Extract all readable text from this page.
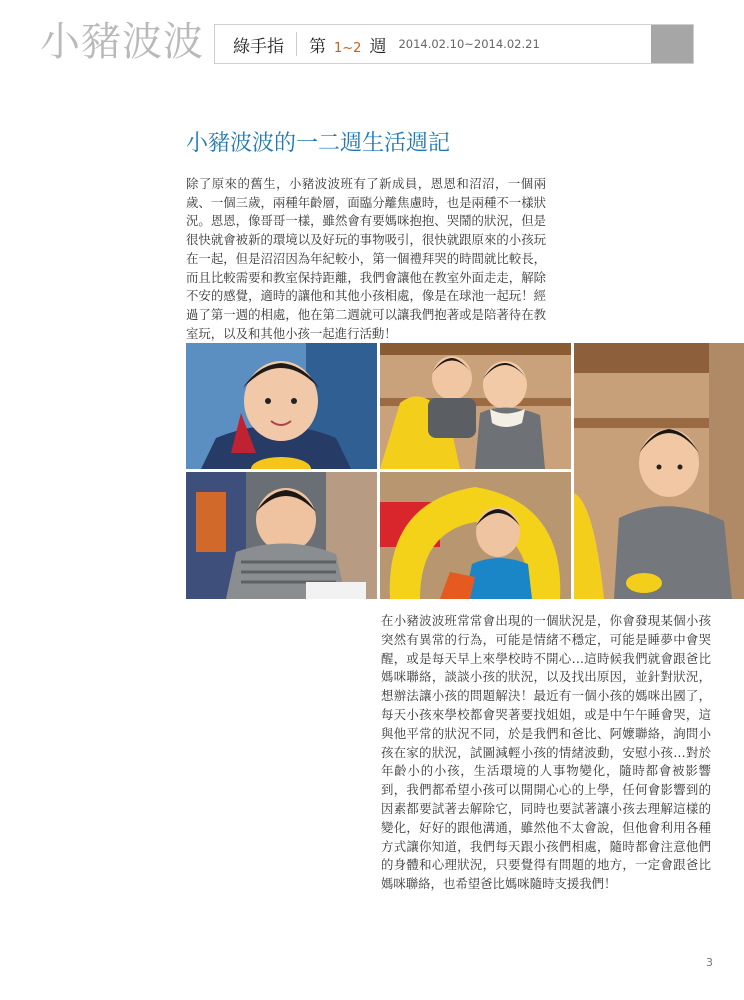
小豬波波 綠手指 第 1~2 週 2014.02.10~2014.02.21
小豬波波的一二週生活週記

除了原來的舊生，小豬波波班有了新成員，恩恩和沼沼，一個兩歲、一個三歲，兩種年齡層，面臨分離焦慮時，也是兩種不一樣狀況。恩恩，像哥哥一樣，雖然會有要媽咪抱抱、哭鬧的狀況，但是很快就會被新的環境以及好玩的事物吸引，很快就跟原來的小孩玩在一起，但是沼沼因為年紀較小，第一個禮拜哭的時間就比較長，而且比較需要和教室保持距離，我們會讓他在教室外面走走，解除不安的感覺，適時的讓他和其他小孩相處，像是在球池一起玩！經過了第一週的相處，他在第二週就可以讓我們抱著或是陪著待在教室玩，以及和其他小孩一起進行活動！

在小豬波波班常常會出現的一個狀況是，你會發現某個小孩突然有異常的行為，可能是情緒不穩定，可能是睡夢中會哭醒，或是每天早上來學校時不開心…這時候我們就會跟爸比媽咪聯絡，談談小孩的狀況，以及找出原因，並針對狀況，想辦法讓小孩的問題解決！最近有一個小孩的媽咪出國了，每天小孩來學校都會哭著要找姐姐，或是中午午睡會哭，這與他平常的狀況不同，於是我們和爸比、阿嬤聯絡，詢問小孩在家的狀況，試圖減輕小孩的情緒波動，安慰小孩…對於年齡小的小孩，生活環境的人事物變化，隨時都會被影響到，我們都希望小孩可以開開心心的上學，任何會影響到的因素都要試著去解除它，同時也要試著讓小孩去理解這樣的變化，好好的跟他溝通，雖然他不太會說，但他會利用各種方式讓你知道，我們每天跟小孩們相處，隨時都會注意他們的身體和心理狀況，只要覺得有問題的地方，一定會跟爸比媽咪聯絡，也希望爸比媽咪隨時支援我們！

3
